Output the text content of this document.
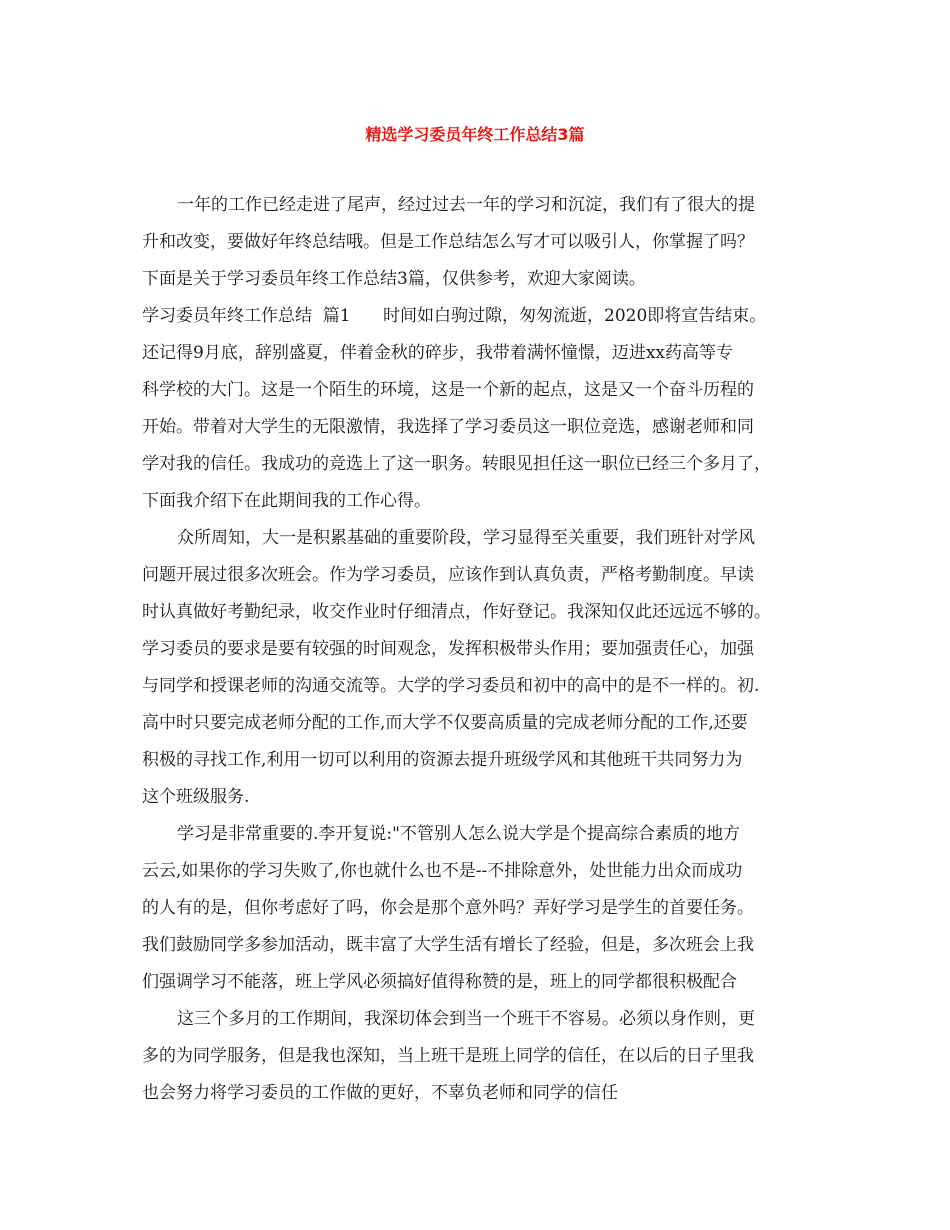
精选学习委员年终工作总结3篇
一年的工作已经走进了尾声，经过过去一年的学习和沉淀，我们有了很大的提
升和改变，要做好年终总结哦。但是工作总结怎么写才可以吸引人，你掌握了吗？
下面是关于学习委员年终工作总结3篇，仅供参考，欢迎大家阅读。
学习委员年终工作总结  篇1      时间如白驹过隙，匆匆流逝，2020即将宣告结束。
还记得9月底，辞别盛夏，伴着金秋的碎步，我带着满怀憧憬，迈进xx药高等专
科学校的大门。这是一个陌生的环境，这是一个新的起点，这是又一个奋斗历程的
开始。带着对大学生的无限激情，我选择了学习委员这一职位竞选，感谢老师和同
学对我的信任。我成功的竞选上了这一职务。转眼见担任这一职位已经三个多月了，
下面我介绍下在此期间我的工作心得。
众所周知，大一是积累基础的重要阶段，学习显得至关重要，我们班针对学风
问题开展过很多次班会。作为学习委员，应该作到认真负责，严格考勤制度。早读
时认真做好考勤纪录，收交作业时仔细清点，作好登记。我深知仅此还远远不够的。
学习委员的要求是要有较强的时间观念，发挥积极带头作用；要加强责任心，加强
与同学和授课老师的沟通交流等。大学的学习委员和初中的高中的是不一样的。初.
高中时只要完成老师分配的工作,而大学不仅要高质量的完成老师分配的工作,还要
积极的寻找工作,利用一切可以利用的资源去提升班级学风和其他班干共同努力为
这个班级服务.
学习是非常重要的.李开复说:"不管别人怎么说大学是个提高综合素质的地方
云云,如果你的学习失败了,你也就什么也不是--不排除意外，处世能力出众而成功
的人有的是，但你考虑好了吗，你会是那个意外吗？弄好学习是学生的首要任务。
我们鼓励同学多参加活动，既丰富了大学生活有增长了经验，但是，多次班会上我
们强调学习不能落，班上学风必须搞好值得称赞的是，班上的同学都很积极配合
这三个多月的工作期间，我深切体会到当一个班干不容易。必须以身作则，更
多的为同学服务，但是我也深知，当上班干是班上同学的信任，在以后的日子里我
也会努力将学习委员的工作做的更好，不辜负老师和同学的信任
